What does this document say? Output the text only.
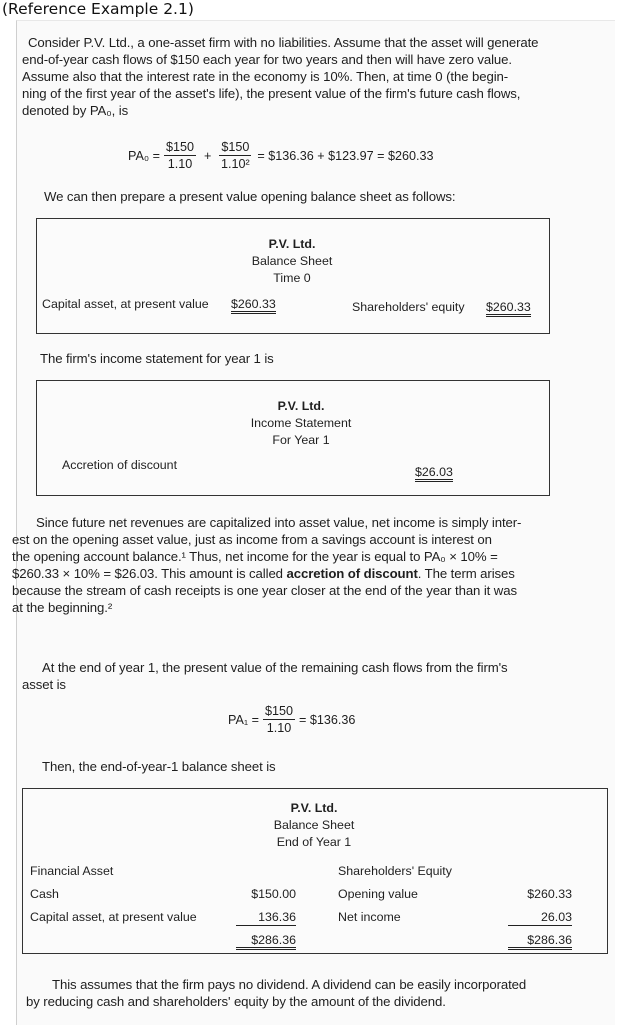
(Reference Example 2.1)
Consider P.V. Ltd., a one-asset firm with no liabilities. Assume that the asset will generate
end-of-year cash flows of $150 each year for two years and then will have zero value.
Assume also that the interest rate in the economy is 10%. Then, at time 0 (the begin-
ning of the first year of the asset's life), the present value of the firm's future cash flows,
denoted by PA₀, is
$PA_0 = \frac{\$150}{1.10} + \frac{\$150}{\text{1.10²}}$ = $136.36 + $123.97 = $260.33
We can then prepare a present value opening balance sheet as follows:
P.V. Ltd.
Balance Sheet
Time 0
Capital asset, at present value $260.33	Shareholders' equity $260.33
The firm's income statement for year 1 is
P.V. Ltd.
Income Statement
For Year 1
Accretion of discount	$26.03
Since future net revenues are capitalized into asset value, net income is simply inter-
est on the opening asset value, just as income from a savings account is interest on
the opening account balance.¹ Thus, net income for the year is equal to PA₀ × 10% =
$260.33 × 10% = $26.03. This amount is called accretion of discount. The term arises
because the stream of cash receipts is one year closer at the end of the year than it was
at the beginning.²
At the end of year 1, the present value of the remaining cash flows from the firm's
asset is
$PA_1 = \frac{\$150}{1.10}$ = $136.36
Then, the end-of-year-1 balance sheet is
P.V. Ltd.
Balance Sheet
End of Year 1
Financial Asset
Cash	$150.00
Capital asset, at present value	136.36
$286.36
Shareholders' Equity
Opening value	$260.33
Net income	26.03
$286.36
This assumes that the firm pays no dividend. A dividend can be easily incorporated
by reducing cash and shareholders' equity by the amount of the dividend.
